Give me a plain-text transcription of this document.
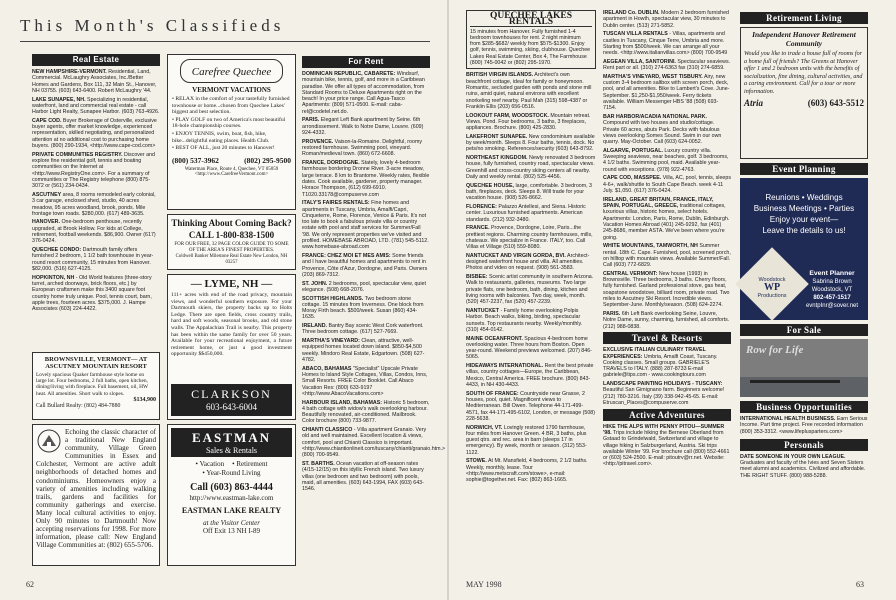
This Month's Classifieds
Real Estate

NEW HAMPSHIRE-VERMONT. Residential, Land, Commercial. McLaughry Associates, Inc./Better Homes and Gardens, Box 111, 32 Main St., Hanover, NH 03755. (603) 643-6400. Robert McLaughry '44.

LAKE SUNAPEE, NH. Specializing in residential, waterfront, land and commercial real estate - call Harbor Light Realty, Sunapee Harbor. (603) 763-4926.

CAPE COD. Buyer Brokerage of Osterville, exclusive buyer agents, offer market knowledge, experienced representation, skilled negotiating, and personalized attention at no additional cost to purchasing home buyers. (800) 290-1934, <http://www.cape-cod.com>

PRIVATE COMMUNITIES REGISTRY. Discover and explore fine residential golf, tennis and boating communities on the Internet at <http://www.RegistryOne.com>. For a summary of communities or The Registry telephone (800) 875-3072 or (561) 234-0434.

ASCUTNEY area, 8 rooms remodeled early colonial, 3 car garage, enclosed shed, studio, 40 acres meadow, 95 acres woodland, brook, ponds. Mile frontage town roads. $280,000. (617) 489-3635.

HANOVER. One-bedroom penthouse, recently upgraded, at Brook Hollow. For kids at College, retirement, football weekends. $86,900. Owner (617) 376-0424.

QUECHEE CONDO: Dartmouth family offers furnished 2 bedroom, 1 1/2 bath townhouse in year-round resort community, 15 minutes from Hanover. $82,000. (516) 627-4125.

HOPKINTON, NH - Old World features (three-story turret, arched doorways, brick floors, etc.) by European craftsmen make this 3400 square foot country home truly unique. Pool, tennis court, barn, apple trees, fourteen acres. $375,000. J. Hampe Associates (603) 224-4422.

BROWNSVILLE, VERMONT— AT ASCUTNEY MOUNTAIN RESORT
Lovely spacious Quaker farmhouse style home on large lot. Four bedrooms, 2 full baths, open kitchen, dining/living with fireplace. Full basement, oil, HW heat. All amenities. Short walk to slopes.
$134,900
Call Bullard Realty: (802) 484-7880
Echoing the classic character of a traditional New England community, Village Green Communities in Essex and Colchester, Vermont are active adult neighborhoods of detached homes and condominiums. Homeowners enjoy a variety of amenities including walking trails, gardens and facilities for community gatherings and exercise. Many local cultural activities to enjoy. Only 90 minutes to Dartmouth! Now accepting reservations for 1998. For more information, please call: New England Village Communities at: (802) 655-5706.
Carefree Quechee
VERMONT VACATIONS
• RELAX in the comfort of your tastefully furnished townhouse or home...chosen from Quechee Lakes' biggest and best selection.
• PLAY GOLF on two of America's most beautiful 18-hole championship courses.
• ENJOY TENNIS, swim, boat, fish, hike, bike...delightful eating places. Health Club.
• BEST OF ALL, just 20 minutes to Hanover!
(800) 537-3962	(802) 295-9500
Waterman Place, Route 4, Quechee, VT 05059
<http://www.CarefreeVermont.com>
Thinking About Coming Back?
CALL 1-800-838-1500
FOR OUR FREE, 32 PAGE COLOR GUIDE TO SOME OF THE AREA'S FINEST PROPERTIES.
Coldwell Banker Milestone Real Estate New London, NH 03257
— LYME, NH —
111+ acres with end of the road privacy, mountain views, and wonderful southern exposure. For your Dartmouth skiers, the property backs up to Holts Ledge. There are open fields, cross country trails, hard and soft woods, seasonal brooks, and old stone walls. The Appalachian Trail is nearby. This property has been within the same family for over 50 years. Available for your recreational enjoyment, a future retirement home, or just a good investment opportunity $$450,000.
CLARKSON
603-643-6004
EASTMAN
Sales & Rentals
• Vacation • Retirement
• Year-Round Living
Call (603) 863-4444
http://www.eastman-lake.com
EASTMAN LAKE REALTY
at the Visitor Center
Off Exit 13 NH I-89
For Rent

DOMINICAN REPUBLIC, CABARETE: Windsurf, mountain bike, tennis, golf, and more in a Caribbean paradise. We offer all types of accommodation, from Standard Rooms to Deluxe Apartments right on the beach! In your price range. Call Agua-Tasco Apartments: (809) 571-0500. E-mail: caba-rel@codetel.net.do.

PARIS. Elegant Left Bank apartment by Seine. 6th arrondissement. Walk to Notre Dame, Louvre. (609) 924-4332.

PROVENCE. Vaison-la-Romaine. Delightful, roomy restored farmhouse. Swimming pool, vineyard. Roman/medieval town. (860) 672-6608.

FRANCE, DORDOGNE. Stately, lovely 4-bedroom farmhouse bordering Dronne River. 3-acre meadow, large terrace. 8 km to Brantome. Weekly rates, flexible dates. Cook available, gardener, property manager. Horace Thompson, (612) 699-6910. T1020.33178@compuserve.com

ITALY'S FAIRES RENTALS: Fine homes and apartments in Tuscany, Umbria, Amalfi/Capri, Cinqueterre, Rome, Florence, Venice & Paris. It's not too late to book a fabulous private villa or country estate with pool and staff services for Summer/Fall '98. We only represent properties we've visited and profiled. HOMEBASE ABROAD, LTD. (781) 545-5112. www.homebase-abroad.com

FRANCE: CHEZ MOI ET MES AMIS: Some friends and I have beautiful homes and apartments to rent in Provence, Côte d'Azur, Dordogne, and Paris. Owners (203) 869-7312.

ST. JOHN. 2 bedrooms, pool, spectacular view, quiet elegance. (508) 668-2076.

SCOTTISH HIGHLANDS. Two bedroom stone cottage. 15 minutes from Inverness. One block from Moray Firth beach. $500/week. Susan (860) 434-1635.

IRELAND. Bantry Bay scenic West Cork waterfront. Three bedroom cottage. (617) 527-7669.

MARTHA'S VINEYARD: Clean, attractive, well-equipped homes located down island. $850-$4,500 weekly. Mindoro Real Estate, Edgartown. (508) 627-4782.

ABACO, BAHAMAS "Specialist" Upscale Private Homes to Island Style Cottages, Villas, Condos, Inns, Small Resorts. FREE Color Booklet. Call Abaco Vacation Res: (800) 633-9197 <http://www.AbacoVacations.com>

HARBOUR ISLAND, BAHAMAS: Historic 5 bedroom, 4 bath cottage with widow's walk overlooking harbour. Beautifully renovated, air-conditioned. Mailbrook. Color brochure (800) 733-9877.

CHIANTI CLASSICO - Villa apartment Granaio. Very old and well maintained. Excellent location & views, comfort, pool and Chianti Classico is important. <http://www.chiantionlineit.com/tuscany/chianti/granaio.htm.> (800) 700-9549.

ST. BARTHS. Ocean vacation at off-season rates (4/15-12/15) on this idyllic French island. Two luxury villas (one bedroom and two bedroom) with pools, maid, all amenities. (603) 643-1994, FAX (603) 643-1546.

62
QUECHEE LAKES RENTALS
15 minutes from Hanover. Fully furnished 1-4 bedroom townhouses for rent. 2 night minimum from $285-$682/ weekly from $575-$1300. Enjoy golf, tennis, swimming, skiing, clubhouse. Quechee Lakes Real Estate Center, Box 4, The Farmhouse (800) 745-0042 or (802) 295-1970.

BRITISH VIRGIN ISLANDS. Architect's own beachfront cottage, ideal for family or honeymoon. Romantic, secluded garden with ponds and stone mill ruins, amid quiet, natural environs with excellent snorkeling reef nearby. Paul Mah (315) 598-4387 or Franklin Ellis (203) 656-0516.

LOOKOUT FARM, WOODSTOCK. Mountain retreat. Views. Pond. Four bedrooms, 3 baths, 3 fireplaces, appliances. Brochure. (800) 425-2830.

LAKEFRONT SUNAPEE. New condominium available by week/month. Sleeps 8. Four baths, tennis, dock. No pets/no smoking. References/security (603) 643-8792.

NORTHEAST KINGDOM. Newly renovated 3 bedroom house, fully furnished, country road, spectacular views. Greenhill and cross-country skiing centers all nearby. Daily and weekly rental. (802) 525-4456.

QUECHEE HOUSE, large, comfortable. 3 bedroom, 3 bath, fireplaces, deck. Sleeps 8. Will trade for your vacation house. (908) 526-8662.

FLORENCE: Palazzo Antellesi, and Siena. Historic center. Luxurious furnished apartments. American standards. (212) 932-3480.

FRANCE. Provence, Dordogne, Loire, Paris...the prettiest regions. Charming country farmhouses, mills, chateaux. We specialize in France. ITALY, too. Call Villas et Village (510) 559-8080.

NANTUCKET AND VIRGIN GORDA, BVI. Architect-designed waterfront house and villa. All amenities. Photos and video on request. (908) 561-3583.

BISBEE: Scenic artist community in southern Arizona. Walk to restaurants, galleries, museums. Two large private flats, one bedroom, bath, dining, kitchen and living rooms with balconies. Two day, week, month. (520) 457-2237, fax (520) 457-2239.

NANTUCKET - Family home overlooking Polpis Harbor. Beach walks, biking, birding, spectacular sunsets. Top restaurants nearby. Weekly/monthly. (310) 454-0142.

MAINE OCEANFRONT. Spacious 4-bedroom home overlooking water. Three hours from Boston. Open year-round. Weekend previews welcomed. (207) 846-5065.

HIDEAWAYS INTERNATIONAL. Rent the best private villas, country cottages—Europe, the Caribbean, Mexico, Central America. FREE brochure. (800) 843-4433, in NH 430-4433.

SOUTH OF FRANCE: Countryside near Grasse, 2 houses, pool, quiet. Magnificent views to Mediterranean. Bill Owen. Telephone 44-171-499-4571, fax 44-171-495-6102, London, or message (508) 228-5638.

NORWICH, VT. Lovingly restored 1790 farmhouse, four miles from Hanover Green. 4 BR, 3 baths, plus guest qtrs. and rec. area in barn (sleeps 17 in emergency). By week, month or season. (312) 553-1122.

STOWE. At Mt. Mansfield, 4 bedrooms, 2 1/2 baths. Weekly, monthly, lease. Tour <http://www.metscraft.com/stowe>, e-mail: sophie@together.net. Fax: (802) 863-1665.

IRELAND Co. DUBLIN. Modern 2 bedroom furnished apartment in Howth, spectacular view, 30 minutes to Dublin center. (513) 271-5852.

TUSCAN VILLA RENTALS - Villas, apartments and castles in Tuscany, Cinque Terre, Umbria and more. Starting from $500/week. We can arrange all your needs. <http://www.italianvillas.com> (800) 700-9549

AEGEAN VILLA, SANTORINI. Spectacular seaviews. Rent part or all. (310) 274-6363 fax (310) 274-6859.

MARTHA'S VINEYARD, WEST TISBURY. Airy, new custom 3-4 bedroom saltbox with screen porch, deck, pool, and all amenities. Bike to Lambert's Cove. June-September. $1,250-$1,950/week. Ferry tickets available. William Messenger HBS '88 (508) 693-7154.

BAR HARBOR/ACADIA NATIONAL PARK. Compound with two houses and studio/cottage. Private 60 acres, abuts Park. Decks with fabulous views overlooking Somes Sound. Swim in our own quarry. May-October. Call (603) 624-0052.

ALGARVE, PORTUGAL. Luxury country villa. Sweeping seaviews, near beaches, golf. 3 bedrooms, 4 1/2 baths. Swimming pool, maid. Available year-round with exceptions. (978) 922-4763.

CAPE COD, MASSPEE. Villa, AC, pool, tennis, sleeps 4-6+, walk/shuttle to South Cape Beach. week 4-11 July. $1,050. (617) 376-0424.

IRELAND, GREAT BRITAIN, FRANCE, ITALY, SPAIN, PORTUGAL, GREECE, traditional cottages, luxurious villas, historic homes, select hotels. Apartments: London, Paris, Rome, Dublin, Edinburgh. Vacation Homes Abroad (401) 245-9292, fax (401) 245-8686, member ASTA. We've been where you're going.

WHITE MOUNTAINS, TAMWORTH, NH Summer rental. 18th C. Cape. Furnished, pool, screened porch, on hilltop with mountain views. Available Summer/Fall. Call (603) 772-6829.

CENTRAL VERMONT: New house (1993) in Brownsville. Three bedrooms, 3 baths. Cherry floors, fully furnished. Garland professional stove, gas heat, soapstone woodstove, billiard room, private road. Two miles to Ascutney Ski Resort. Incredible views. September-June. Monthly/season. (508) 624-2274.

PARIS. 6th Left Bank overlooking Seine, Louvre, Notre Dame, sunny, charming, furnished, all comforts. (212) 988-0838.

Travel & Resorts

EXCLUSIVE ITALIAN CULINARY TRAVEL EXPERIENCES: Umbria, Amalfi Coast, Tuscany. Cooking classes. Small groups. GABRIELE'S TRAVELS to ITALY. (888) 287-8733 E-mail gabriele@tips.com - www.cookingtours.com

LANDSCAPE PAINTING HOLIDAYS - TUSCANY: Beautiful San Gimignano farm. Beginners welcome! (212) 780-3216. Italy (39) 338-942-45-65. E-mail: Etruscan_Places@compuserve.com

Active Adventures

HIKE THE ALPS WITH PENNY PITOU—SUMMER '98. Trips include hiking the Bernese Oberland from Gstaad to Grindelwald, Switzerland and village to village hiking in Salzburgerland, Austria. Ski trips available Winter '99. For brochure call (800) 552-4661 or (603) 524-2500. E-mail: pitoutrv@rr.net. Website: <http://pitravel.com>.

Retirement Living
Independent Hanover Retirement Community
Would you like to trade a house full of rooms for a home full of friends? The Greens at Hanover offer 1 and 2 bedroom units with the benefits of socialization, fine dining, cultural activities, and a caring environment. Call for a tour or more information.
Atria	(603) 643-5512
Event Planning
Reunions • Weddings
Business Meetings • Parties
Enjoy your event—
Leave the details to us!
Woodstock
WP
Productions
Event Planner
Sabrina Brown
Woodstock, VT
802-457-1517
evntpInr@sover.net
For Sale
Row for Life
Business Opportunities

INTERNATIONAL HEALTH BUSINESS. Earn Serious Income. Part time project. Free recorded information (800) 353-3312. <www.lifeplusparters.com>

Personals

DATE SOMEONE IN YOUR OWN LEAGUE. Graduates and faculty of the Ivies and Seven Sisters meet alumni and academics. Civilized and affordable. THE RIGHT STUFF. (800) 988-5288.

MAY 1998	63
